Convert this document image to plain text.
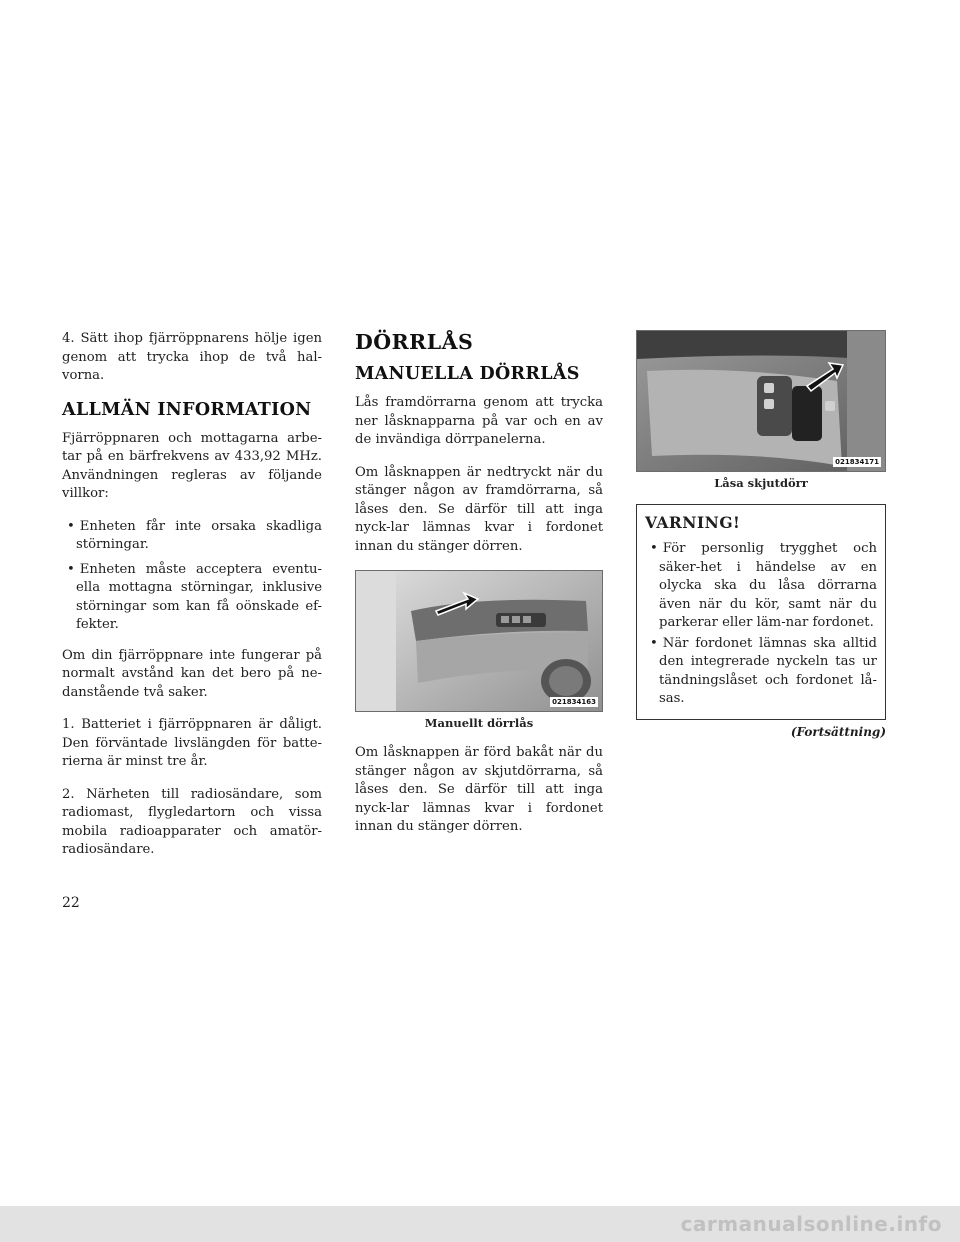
4. Sätt ihop fjärröppnarens hölje igen genom att trycka ihop de två hal-vorna.

ALLMÄN INFORMATION

Fjärröppnaren och mottagarna arbe-tar på en bärfrekvens av 433,92 MHz. Användningen regleras av följande villkor:

• Enheten får inte orsaka skadliga störningar.
• Enheten måste acceptera eventu-ella mottagna störningar, inklusive störningar som kan få oönskade ef-fekter.

Om din fjärröppnare inte fungerar på normalt avstånd kan det bero på ne-danstående två saker.

1. Batteriet i fjärröppnaren är dåligt. Den förväntade livslängden för batte-rierna är minst tre år.

2. Närheten till radiosändare, som radiomast, flygledartorn och vissa mobila radioapparater och amatör-radiosändare.

DÖRRLÅS
MANUELLA DÖRRLÅS

Lås framdörrarna genom att trycka ner låsknapparna på var och en av de invändiga dörrpanelerna.

Om låsknappen är nedtryckt när du stänger någon av framdörrarna, så låses den. Se därför till att inga nyck-lar lämnas kvar i fordonet innan du stänger dörren.

021834163
Manuellt dörrlås

Om låsknappen är förd bakåt när du stänger någon av skjutdörrarna, så låses den. Se därför till att inga nyck-lar lämnas kvar i fordonet innan du stänger dörren.

021834171
Låsa skjutdörr
VARNING!
• För personlig trygghet och säker-het i händelse av en olycka ska du låsa dörrarna även när du kör, samt när du parkerar eller läm-nar fordonet.
• När fordonet lämnas ska alltid den integrerade nyckeln tas ur tändningslåset och fordonet lå-sas.
(Fortsättning)
22
carmanualsonline.info
